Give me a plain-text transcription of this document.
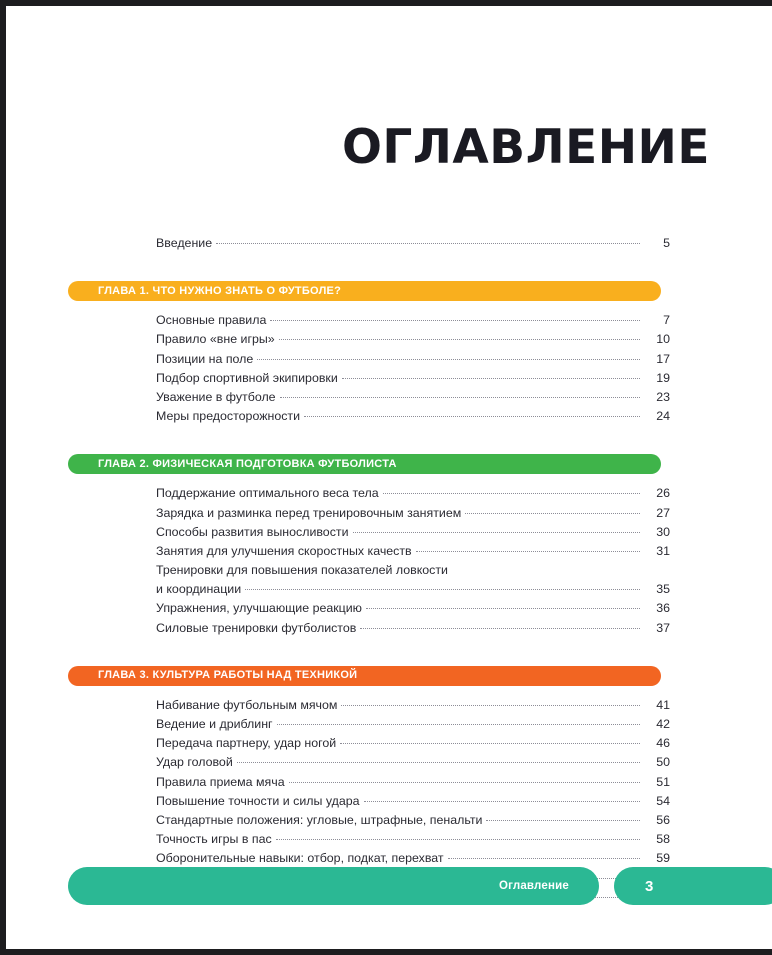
ОГЛАВЛЕНИЕ
Введение	5
ГЛАВА 1. ЧТО НУЖНО ЗНАТЬ О ФУТБОЛЕ?
Основные правила	7
Правило «вне игры»	10
Позиции на поле	17
Подбор спортивной экипировки	19
Уважение в футболе	23
Меры предосторожности	24
ГЛАВА 2. ФИЗИЧЕСКАЯ ПОДГОТОВКА ФУТБОЛИСТА
Поддержание оптимального веса тела	26
Зарядка и разминка перед тренировочным занятием	27
Способы развития выносливости	30
Занятия для улучшения скоростных качеств	31
Тренировки для повышения показателей ловкости
и координации	35
Упражнения, улучшающие реакцию	36
Силовые тренировки футболистов	37
ГЛАВА 3. КУЛЬТУРА РАБОТЫ НАД ТЕХНИКОЙ
Набивание футбольным мячом	41
Ведение и дриблинг	42
Передача партнеру, удар ногой	46
Удар головой	50
Правила приема мяча	51
Повышение точности и силы удара	54
Стандартные положения: угловые, штрафные, пенальти	56
Точность игры в пас	58
Оборонительные навыки: отбор, подкат, перехват	59
Оглавление	3
